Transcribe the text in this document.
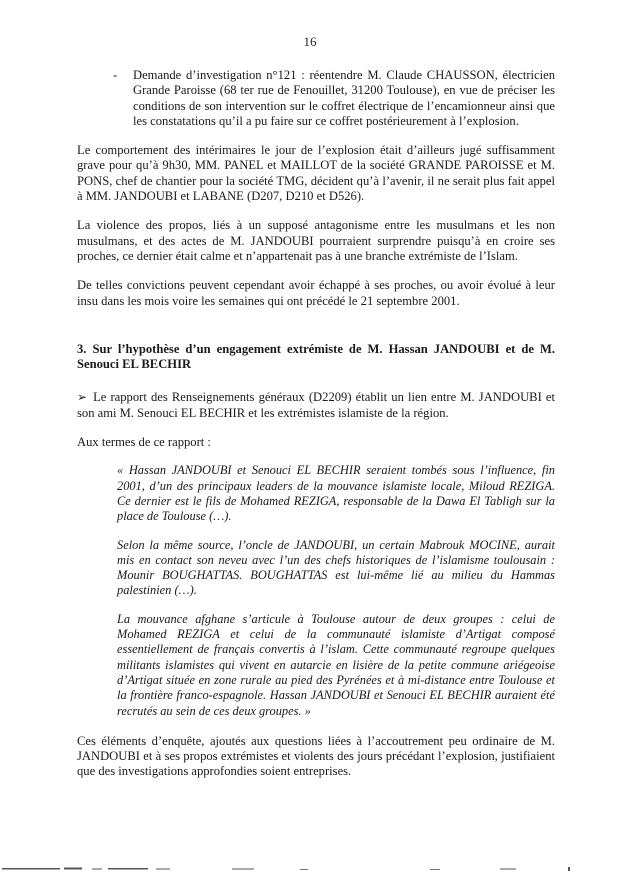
16

- Demande d’investigation n°121 : réentendre M. Claude CHAUSSON, électricien Grande Paroisse (68 ter rue de Fenouillet, 31200 Toulouse), en vue de préciser les conditions de son intervention sur le coffret électrique de l’encamionneur ainsi que les constatations qu’il a pu faire sur ce coffret postérieurement à l’explosion.

Le comportement des intérimaires le jour de l’explosion était d’ailleurs jugé suffisamment grave pour qu’à 9h30, MM. PANEL et MAILLOT de la société GRANDE PAROISSE et M. PONS, chef de chantier pour la société TMG, décident qu’à l’avenir, il ne serait plus fait appel à MM. JANDOUBI et LABANE (D207, D210 et D526).

La violence des propos, liés à un supposé antagonisme entre les musulmans et les non musulmans, et des actes de M. JANDOUBI pourraient surprendre puisqu’à en croire ses proches, ce dernier était calme et n’appartenait pas à une branche extrémiste de l’Islam.

De telles convictions peuvent cependant avoir échappé à ses proches, ou avoir évolué à leur insu dans les mois voire les semaines qui ont précédé le 21 septembre 2001.

3. Sur l’hypothèse d’un engagement extrémiste de M. Hassan JANDOUBI et de M. Senouci EL BECHIR

➢ Le rapport des Renseignements généraux (D2209) établit un lien entre M. JANDOUBI et son ami M. Senouci EL BECHIR et les extrémistes islamiste de la région.

Aux termes de ce rapport :

« Hassan JANDOUBI et Senouci EL BECHIR seraient tombés sous l’influence, fin 2001, d’un des principaux leaders de la mouvance islamiste locale, Miloud REZIGA. Ce dernier est le fils de Mohamed REZIGA, responsable de la Dawa El Tabligh sur la place de Toulouse (…).

Selon la même source, l’oncle de JANDOUBI, un certain Mabrouk MOCINE, aurait mis en contact son neveu avec l’un des chefs historiques de l’islamisme toulousain : Mounir BOUGHATTAS. BOUGHATTAS est lui-même lié au milieu du Hammas palestinien (…).

La mouvance afghane s’articule à Toulouse autour de deux groupes : celui de Mohamed REZIGA et celui de la communauté islamiste d’Artigat composé essentiellement de français convertis à l’islam. Cette communauté regroupe quelques militants islamistes qui vivent en autarcie en lisière de la petite commune ariégeoise d’Artigat située en zone rurale au pied des Pyrénées et à mi-distance entre Toulouse et la frontière franco-espagnole. Hassan JANDOUBI et Senouci EL BECHIR auraient été recrutés au sein de ces deux groupes. »

Ces éléments d’enquête, ajoutés aux questions liées à l’accoutrement peu ordinaire de M. JANDOUBI et à ses propos extrémistes et violents des jours précédant l’explosion, justifiaient que des investigations approfondies soient entreprises.
